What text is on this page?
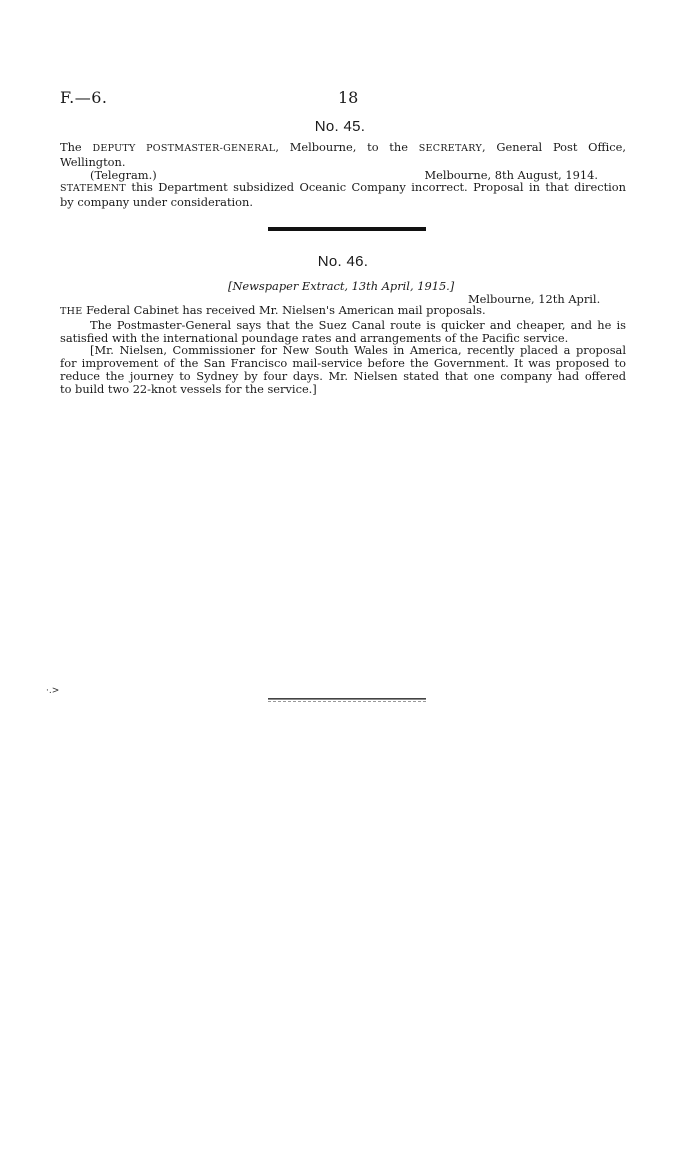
F.—6.	18
No. 45.
The DEPUTY POSTMASTER-GENERAL, Melbourne, to the SECRETARY, General Post Office, Wellington.
(Telegram.)	Melbourne, 8th August, 1914.
STATEMENT this Department subsidized Oceanic Company incorrect. Proposal in that direction
by company under consideration.
No. 46.
[Newspaper Extract, 13th April, 1915.]
Melbourne, 12th April.
THE Federal Cabinet has received Mr. Nielsen's American mail proposals.
The Postmaster-General says that the Suez Canal route is quicker and cheaper, and he is
satisfied with the international poundage rates and arrangements of the Pacific service.
[Mr. Nielsen, Commissioner for New South Wales in America, recently placed a proposal
for improvement of the San Francisco mail-service before the Government. It was proposed to
reduce the journey to Sydney by four days. Mr. Nielsen stated that one company had offered
to build two 22-knot vessels for the service.]
·.>
